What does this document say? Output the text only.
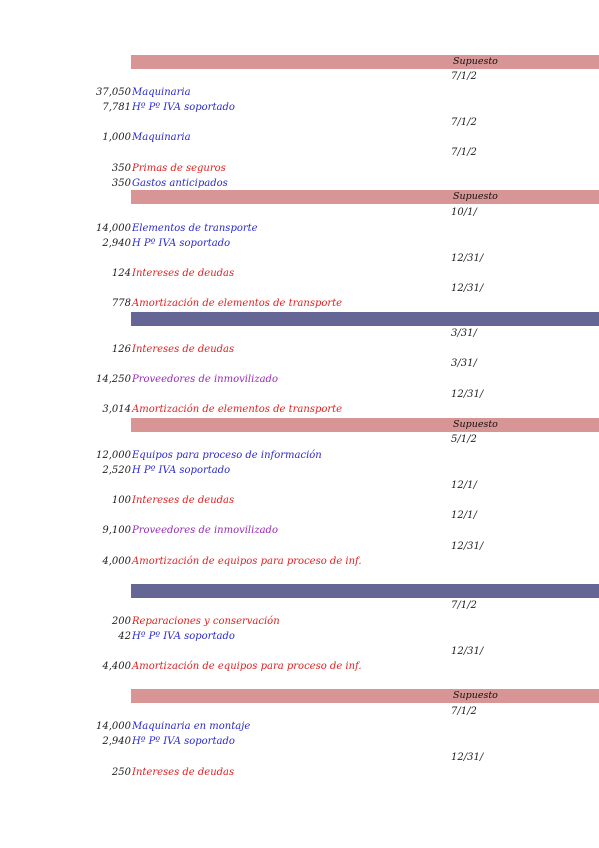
Supuesto
Supuesto
Supuesto
Supuesto
7/1/2
7/1/2
7/1/2
10/1/
12/31/
12/31/
3/31/
3/31/
12/31/
5/1/2
12/1/
12/1/
12/31/
7/1/2
12/31/
7/1/2
12/31/
37,050Maquinaria
7,781Hº Pº IVA soportado
1,000Maquinaria
350Primas de seguros
350Gastos anticipados
14,000Elementos de transporte
2,940H Pº IVA soportado
124Intereses de deudas
778Amortización de elementos de transporte
126Intereses de deudas
14,250Proveedores de inmovilizado
3,014Amortización de elementos de transporte
12,000Equipos para proceso de información
2,520H Pº IVA soportado
100Intereses de deudas
9,100Proveedores de inmovilizado
4,000Amortización de equipos para proceso de inf.
200Reparaciones y conservación
42Hº Pº IVA soportado
4,400Amortización de equipos para proceso de inf.
14,000Maquinaria en montaje
2,940Hº Pº IVA soportado
250Intereses de deudas
